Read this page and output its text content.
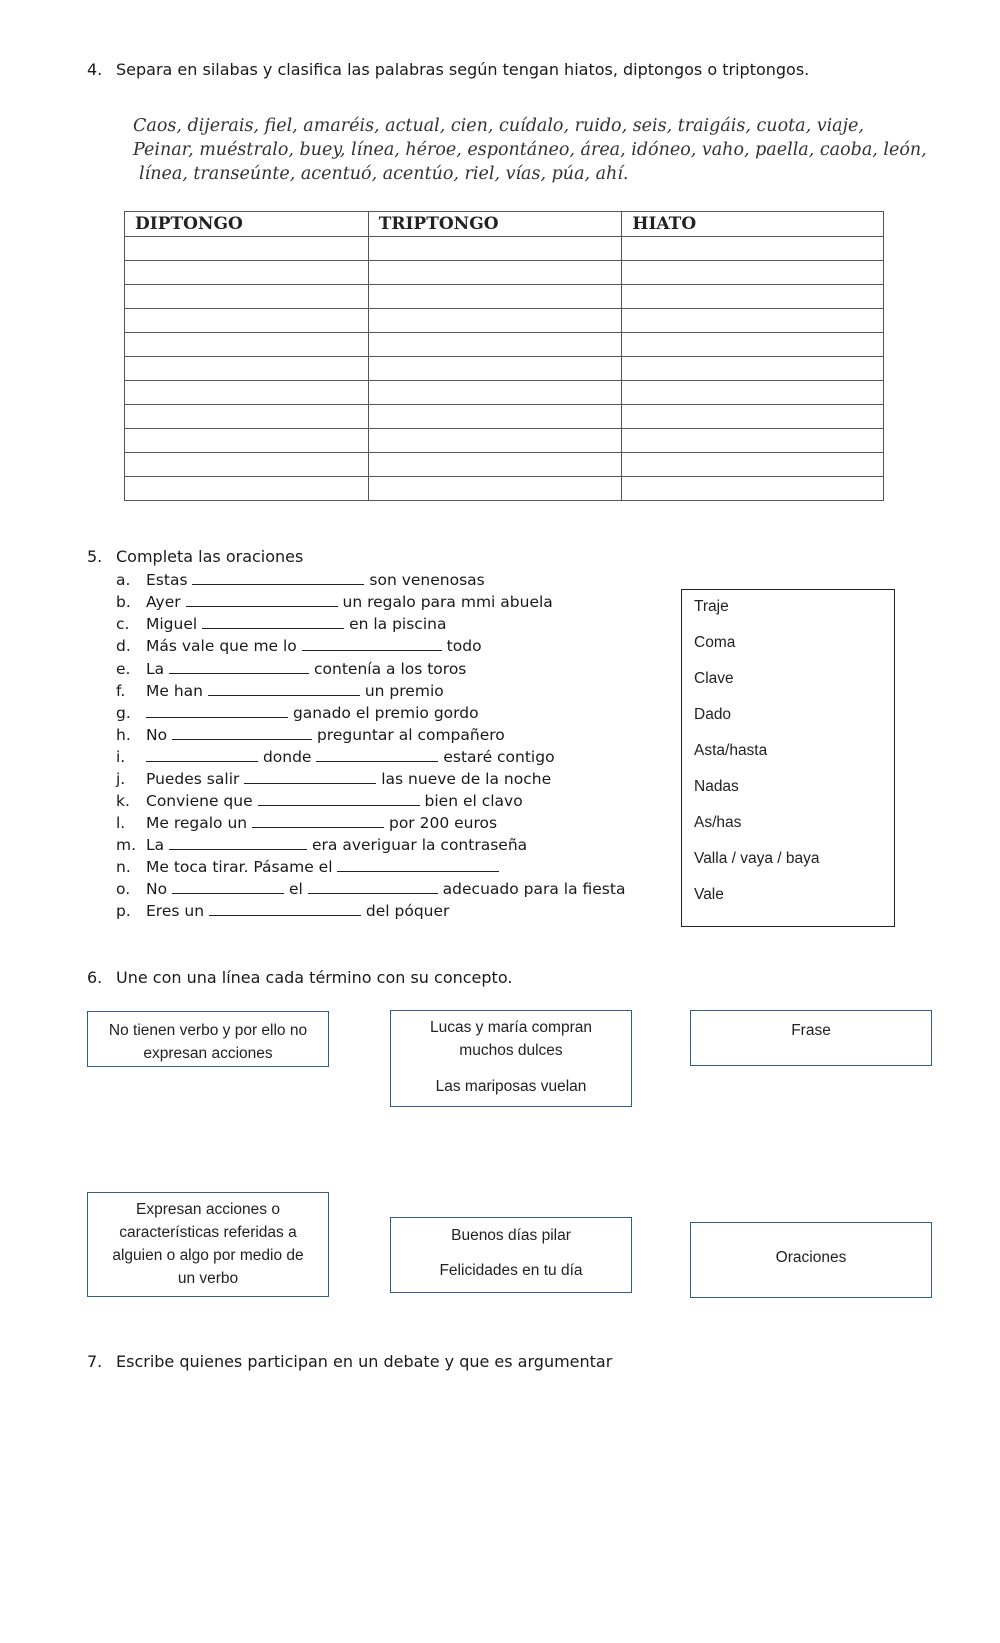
4. Separa en silabas y clasifica las palabras según tengan hiatos, diptongos o triptongos.
Caos, dijerais, fiel, amaréis, actual, cien, cuídalo, ruido, seis, traigáis, cuota, viaje,
Peinar, muéstralo, buey, línea, héroe, espontáneo, área, idóneo, vaho, paella, caoba, león,
línea, transeúnte, acentuó, acentúo, riel, vías, púa, ahí.
DIPTONGO	TRIPTONGO	HIATO

5. Completa las oraciones
a. Estas	son venenosas
b. Ayer	un regalo para mmi abuela
c. Miguel	en la piscina
d. Más vale que me lo	todo
e. La	contenía a los toros
f. Me han	un premio
g.	ganado el premio gordo
h. No	preguntar al compañero
i.	donde	estaré contigo
j. Puedes salir	las nueve de la noche
k. Conviene que	bien el clavo
l. Me regalo un	por 200 euros
m. La	era averiguar la contraseña
n. Me toca tirar. Pásame el
o. No	el	adecuado para la fiesta
p. Eres un	del póquer
Traje
Coma
Clave
Dado
Asta/hasta
Nadas
As/has
Valla / vaya / baya
Vale
6. Une con una línea cada término con su concepto.
No tienen verbo y por ello no
expresan acciones
Lucas y maría compran
muchos dulces
Las mariposas vuelan
Frase
Expresan acciones o
características referidas a
alguien o algo por medio de
un verbo
Buenos días pilar
Felicidades en tu día
Oraciones
7. Escribe quienes participan en un debate y que es argumentar
